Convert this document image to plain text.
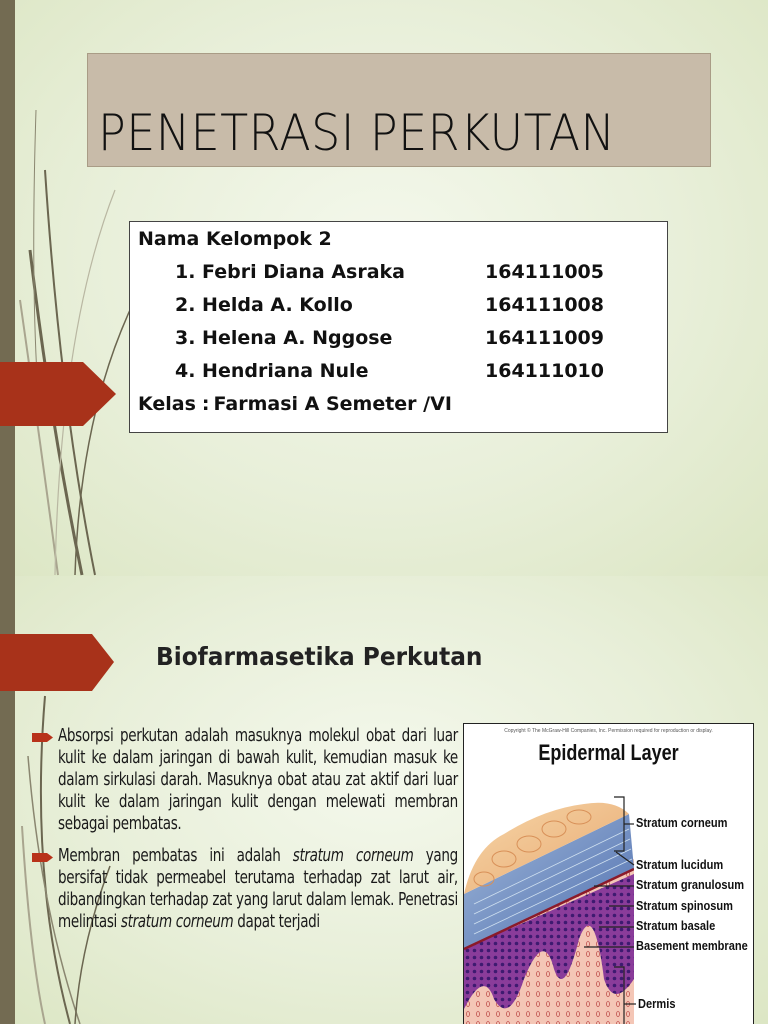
PENETRASI PERKUTAN
Nama Kelompok 2
1. Febri Diana Asraka	164111005
2. Helda A. Kollo	164111008
3. Helena A. Nggose	164111009
4. Hendriana Nule	164111010
Kelas : Farmasi A Semeter /VI
Biofarmasetika Perkutan

Absorpsi perkutan adalah masuknya molekul obat dari luar kulit ke dalam jaringan di bawah kulit, kemudian masuk ke dalam sirkulasi darah. Masuknya obat atau zat aktif dari luar kulit ke dalam jaringan kulit dengan melewati membran sebagai pembatas.

Membran pembatas ini adalah stratum corneum yang bersifat tidak permeabel terutama terhadap zat larut air, dibandingkan terhadap zat yang larut dalam lemak. Penetrasi melintasi stratum corneum dapat terjadi

Copyright © The McGraw-Hill Companies, Inc. Permission required for reproduction or display.
Epidermal Layer
Stratum corneum
Stratum lucidum
Stratum granulosum
Stratum spinosum
Stratum basale
Basement membrane
Dermis
